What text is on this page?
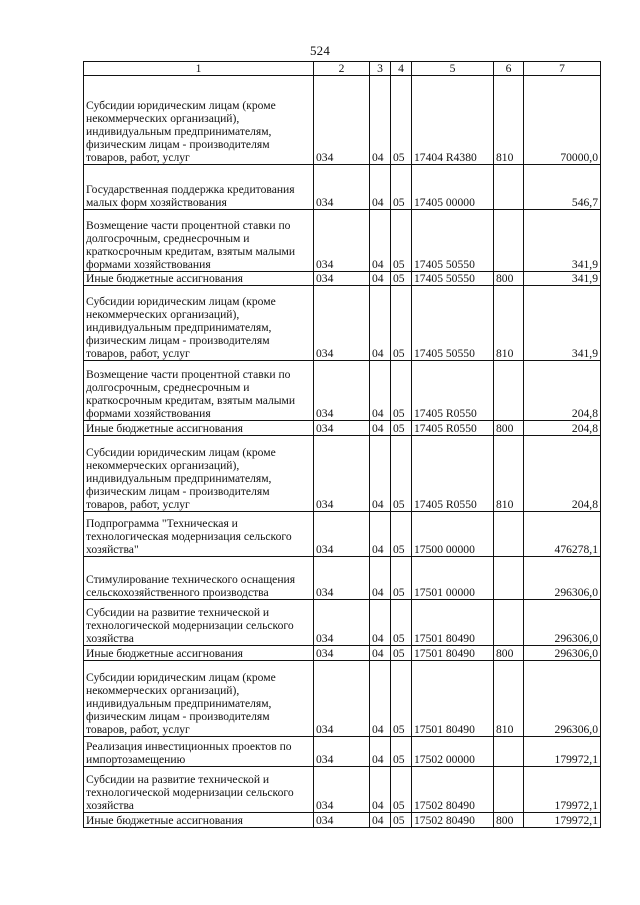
524
1	2	3	4	5	6	7
Субсидии юридическим лицам (кроме некоммерческих организаций), индивидуальным предпринимателям, физическим лицам - производителям товаров, работ, услуг	034	04	05	17404 R4380	810	70000,0
Государственная поддержка кредитования малых форм хозяйствования	034	04	05	17405 00000		546,7
Возмещение части процентной ставки по долгосрочным, среднесрочным и краткосрочным кредитам, взятым малыми формами хозяйствования	034	04	05	17405 50550		341,9
Иные бюджетные ассигнования	034	04	05	17405 50550	800	341,9
Субсидии юридическим лицам (кроме некоммерческих организаций), индивидуальным предпринимателям, физическим лицам - производителям товаров, работ, услуг	034	04	05	17405 50550	810	341,9
Возмещение части процентной ставки по долгосрочным, среднесрочным и краткосрочным кредитам, взятым малыми формами хозяйствования	034	04	05	17405 R0550		204,8
Иные бюджетные ассигнования	034	04	05	17405 R0550	800	204,8
Субсидии юридическим лицам (кроме некоммерческих организаций), индивидуальным предпринимателям, физическим лицам - производителям товаров, работ, услуг	034	04	05	17405 R0550	810	204,8
Подпрограмма "Техническая и технологическая модернизация сельского хозяйства"	034	04	05	17500 00000		476278,1
Стимулирование технического оснащения сельскохозяйственного производства	034	04	05	17501 00000		296306,0
Субсидии на развитие технической и технологической модернизации сельского хозяйства	034	04	05	17501 80490		296306,0
Иные бюджетные ассигнования	034	04	05	17501 80490	800	296306,0
Субсидии юридическим лицам (кроме некоммерческих организаций), индивидуальным предпринимателям, физическим лицам - производителям товаров, работ, услуг	034	04	05	17501 80490	810	296306,0
Реализация инвестиционных проектов по импортозамещению	034	04	05	17502 00000		179972,1
Субсидии на развитие технической и технологической модернизации сельского хозяйства	034	04	05	17502 80490		179972,1
Иные бюджетные ассигнования	034	04	05	17502 80490	800	179972,1
